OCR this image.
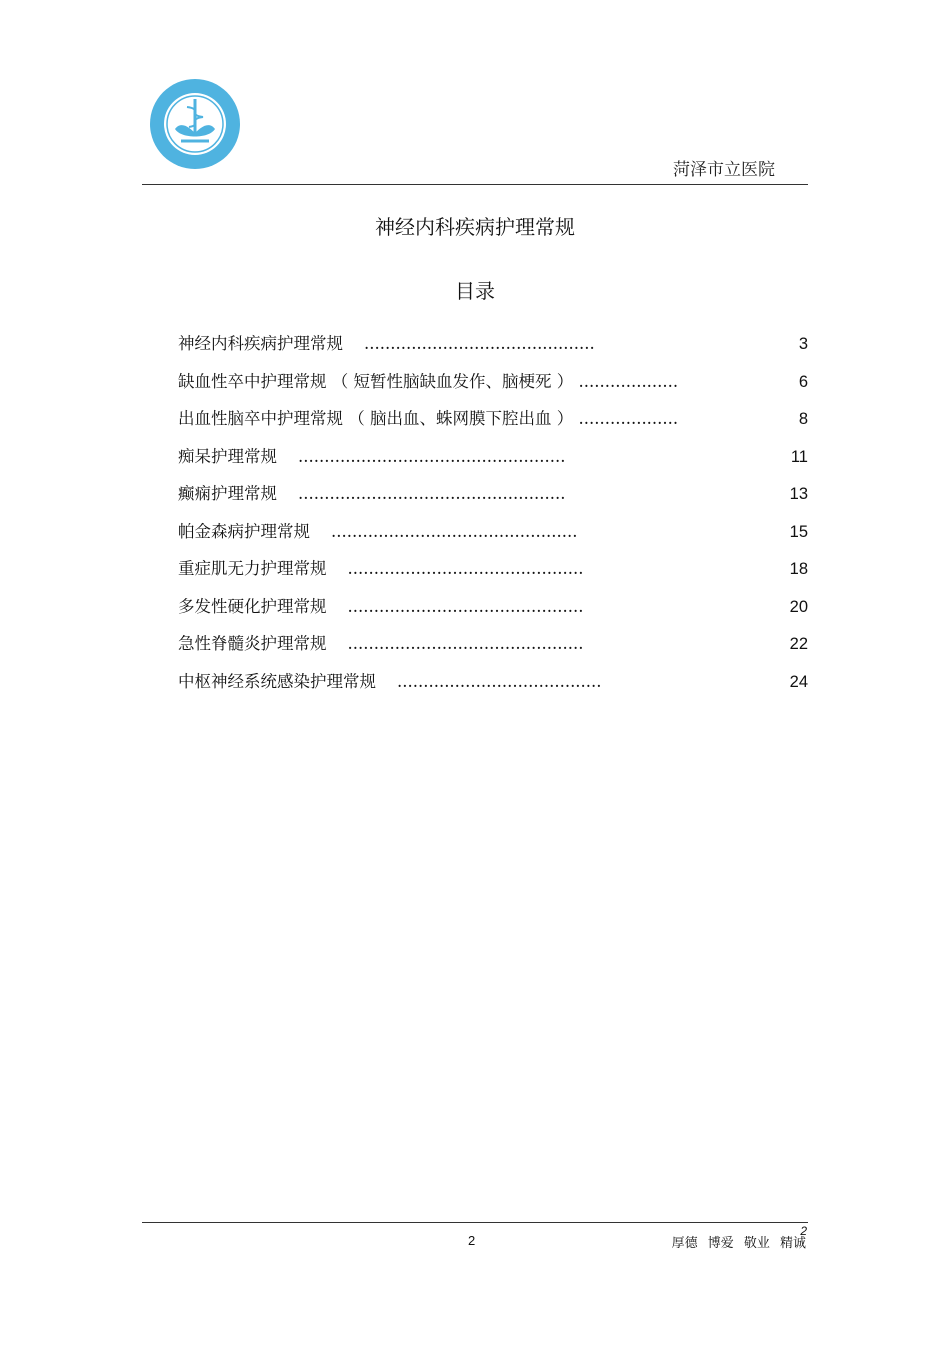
菏泽市立医院
神经内科疾病护理常规
目录
神经内科疾病护理常规 ............................................	3
缺血性卒中护理常规 （ 短暂性脑缺血发作、脑梗死 ） ...................	6
出血性脑卒中护理常规 （ 脑出血、蛛网膜下腔出血 ） ...................	8
痴呆护理常规 ...................................................	11
癫痫护理常规 ...................................................	13
帕金森病护理常规 ...............................................	15
重症肌无力护理常规 .............................................	18
多发性硬化护理常规 .............................................	20
急性脊髓炎护理常规 .............................................	22
中枢神经系统感染护理常规 .......................................	24
2	厚德 博爱 敬业 精诚
2
